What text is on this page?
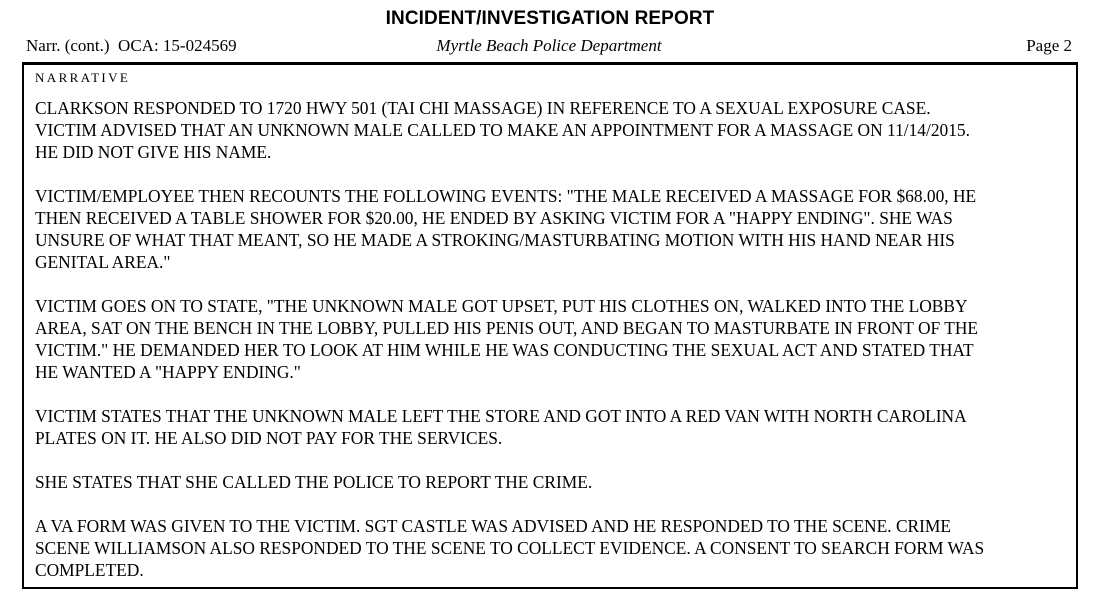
INCIDENT/INVESTIGATION REPORT
Myrtle Beach Police Department
Narr. (cont.)  OCA: 15-024569	Page 2
NARRATIVE

CLARKSON RESPONDED TO 1720 HWY 501 (TAI CHI MASSAGE) IN REFERENCE TO A SEXUAL EXPOSURE CASE.
VICTIM ADVISED THAT AN UNKNOWN MALE CALLED TO MAKE AN APPOINTMENT FOR A MASSAGE ON 11/14/2015.
HE DID NOT GIVE HIS NAME.

VICTIM/EMPLOYEE THEN RECOUNTS THE FOLLOWING EVENTS: "THE MALE RECEIVED A MASSAGE FOR $68.00, HE
THEN RECEIVED A TABLE SHOWER FOR $20.00, HE ENDED BY ASKING VICTIM FOR A "HAPPY ENDING". SHE WAS
UNSURE OF WHAT THAT MEANT, SO HE MADE A STROKING/MASTURBATING MOTION WITH HIS HAND NEAR HIS
GENITAL AREA."

VICTIM GOES ON TO STATE, "THE UNKNOWN MALE GOT UPSET, PUT HIS CLOTHES ON, WALKED INTO THE LOBBY
AREA, SAT ON THE BENCH IN THE LOBBY, PULLED HIS PENIS OUT, AND BEGAN TO MASTURBATE IN FRONT OF THE
VICTIM." HE DEMANDED HER TO LOOK AT HIM WHILE HE WAS CONDUCTING THE SEXUAL ACT AND STATED THAT
HE WANTED A "HAPPY ENDING."

VICTIM STATES THAT THE UNKNOWN MALE LEFT THE STORE AND GOT INTO A RED VAN WITH NORTH CAROLINA
PLATES ON IT. HE ALSO DID NOT PAY FOR THE SERVICES.

SHE STATES THAT SHE CALLED THE POLICE TO REPORT THE CRIME.

A VA FORM WAS GIVEN TO THE VICTIM. SGT CASTLE WAS ADVISED AND HE RESPONDED TO THE SCENE. CRIME
SCENE WILLIAMSON ALSO RESPONDED TO THE SCENE TO COLLECT EVIDENCE. A CONSENT TO SEARCH FORM WAS
COMPLETED.
